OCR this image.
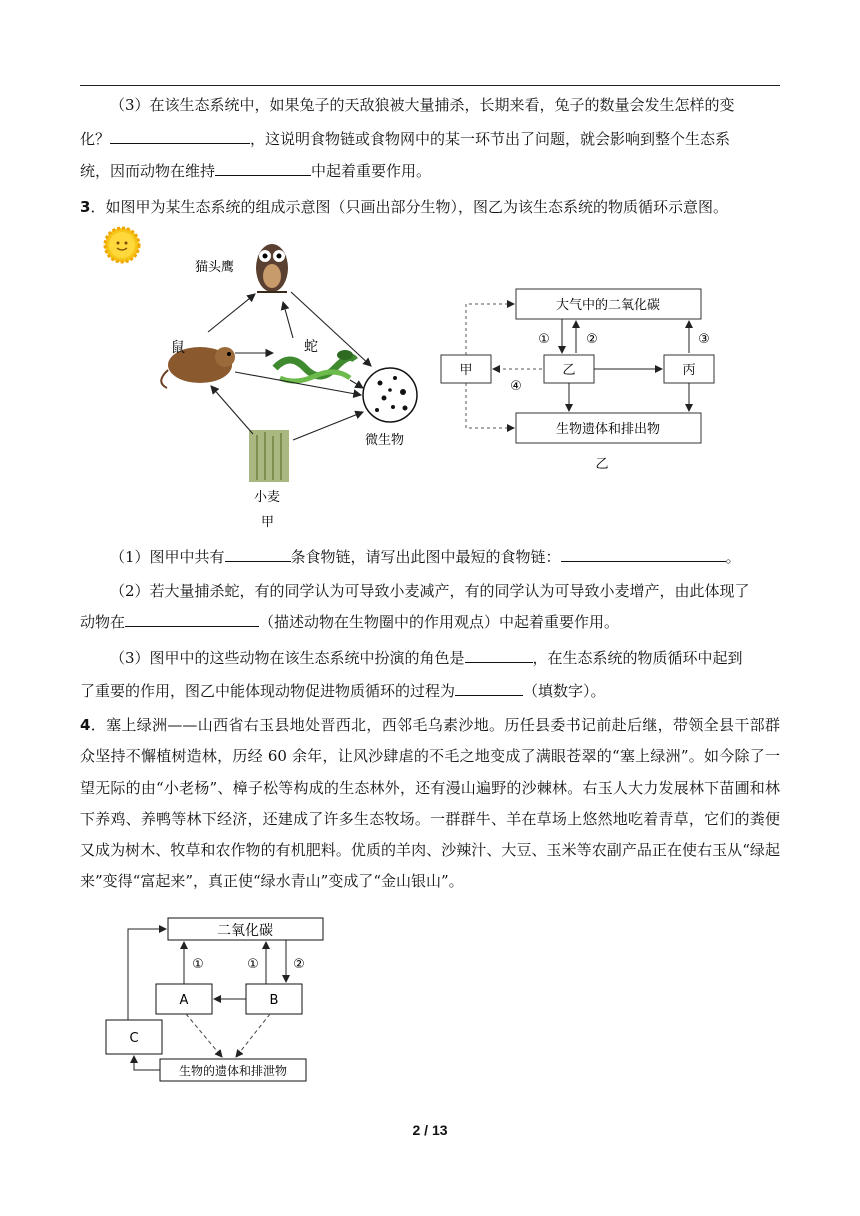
（3）在该生态系统中，如果兔子的天敌狼被大量捕杀，长期来看，兔子的数量会发生怎样的变

化？	，这说明食物链或食物网中的某一环节出了问题，就会影响到整个生态系

统，因而动物在维持	中起着重要作用。

3．如图甲为某生态系统的组成示意图（只画出部分生物），图乙为该生态系统的物质循环示意图。

猫头鹰
鼠	蛇
微生物
小麦
甲
大气中的二氧化碳
甲	乙	丙
生物遗体和排出物
④
①	②	③
乙

（1）图甲中共有	条食物链，请写出此图中最短的食物链：	。

（2）若大量捕杀蛇，有的同学认为可导致小麦减产，有的同学认为可导致小麦增产，由此体现了

动物在	（描述动物在生物圈中的作用观点）中起着重要作用。

（3）图甲中的这些动物在该生态系统中扮演的角色是	，在生态系统的物质循环中起到

了重要的作用，图乙中能体现动物促进物质循环的过程为	（填数字）。

4．塞上绿洲——山西省右玉县地处晋西北，西邻毛乌素沙地。历任县委书记前赴后继，带领全县干部群众坚持不懈植树造林，历经 60 余年，让风沙肆虐的不毛之地变成了满眼苍翠的“塞上绿洲”。如今除了一望无际的由“小老杨”、樟子松等构成的生态林外，还有漫山遍野的沙棘林。右玉人大力发展林下苗圃和林下养鸡、养鸭等林下经济，还建成了许多生态牧场。一群群牛、羊在草场上悠然地吃着青草，它们的粪便又成为树木、牧草和农作物的有机肥料。优质的羊肉、沙辣汁、大豆、玉米等农副产品正在使右玉从“绿起来”变得“富起来”，真正使“绿水青山”变成了“金山银山”。

二氧化碳
A	B
C
生物的遗体和排泄物
①	①	②
2 / 13
